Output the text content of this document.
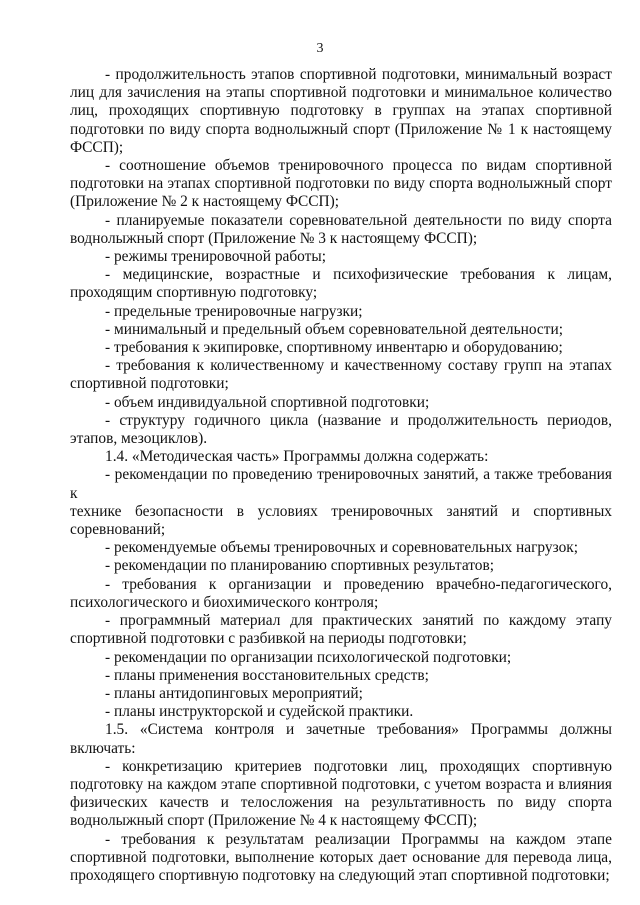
3
- продолжительность этапов спортивной подготовки, минимальный возраст
лиц для зачисления на этапы спортивной подготовки и минимальное количество
лиц, проходящих спортивную подготовку в группах на этапах спортивной
подготовки по виду спорта воднолыжный спорт (Приложение № 1 к настоящему
ФССП);
- соотношение объемов тренировочного процесса по видам спортивной
подготовки на этапах спортивной подготовки по виду спорта воднолыжный спорт
(Приложение № 2 к настоящему ФССП);
- планируемые показатели соревновательной деятельности по виду спорта
воднолыжный спорт (Приложение № 3 к настоящему ФССП);
- режимы тренировочной работы;
- медицинские, возрастные и психофизические требования к лицам,
проходящим спортивную подготовку;
- предельные тренировочные нагрузки;
- минимальный и предельный объем соревновательной деятельности;
- требования к экипировке, спортивному инвентарю и оборудованию;
- требования к количественному и качественному составу групп на этапах
спортивной подготовки;
- объем индивидуальной спортивной подготовки;
- структуру годичного цикла (название и продолжительность периодов,
этапов, мезоциклов).
1.4. «Методическая часть» Программы должна содержать:
- рекомендации по проведению тренировочных занятий, а также требования к
технике безопасности в условиях тренировочных занятий и спортивных
соревнований;
- рекомендуемые объемы тренировочных и соревновательных нагрузок;
- рекомендации по планированию спортивных результатов;
- требования к организации и проведению врачебно-педагогического,
психологического и биохимического контроля;
- программный материал для практических занятий по каждому этапу
спортивной подготовки с разбивкой на периоды подготовки;
- рекомендации по организации психологической подготовки;
- планы применения восстановительных средств;
- планы антидопинговых мероприятий;
- планы инструкторской и судейской практики.
1.5. «Система контроля и зачетные требования» Программы должны
включать:
- конкретизацию критериев подготовки лиц, проходящих спортивную
подготовку на каждом этапе спортивной подготовки, с учетом возраста и влияния
физических качеств и телосложения на результативность по виду спорта
воднолыжный спорт (Приложение № 4 к настоящему ФССП);
- требования к результатам реализации Программы на каждом этапе
спортивной подготовки, выполнение которых дает основание для перевода лица,
проходящего спортивную подготовку на следующий этап спортивной подготовки;
